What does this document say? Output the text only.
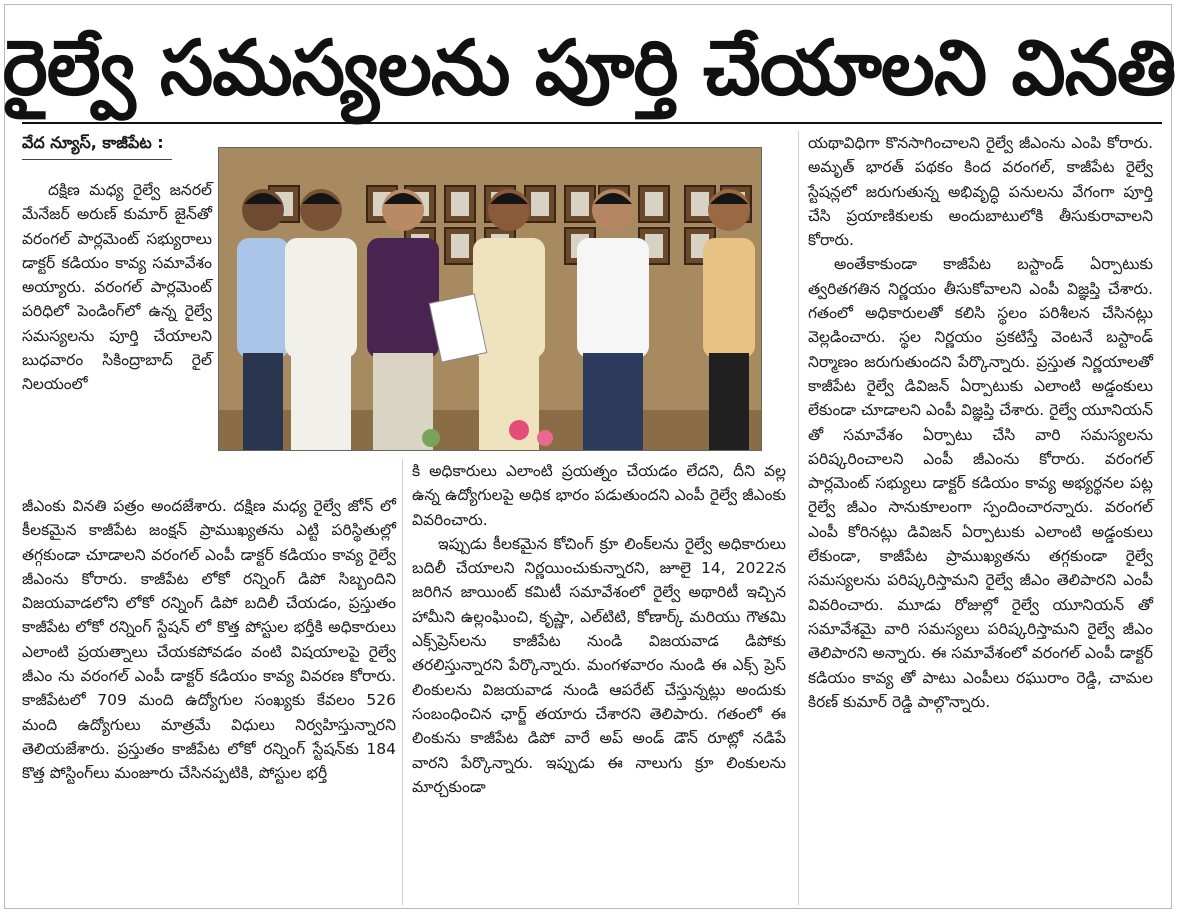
రైల్వే సమస్యలను పూర్తి చేయాలని వినతి
వేద న్యూస్, కాజీపేట :

దక్షిణ మధ్య రైల్వే జనరల్ మేనేజర్ అరుణ్ కుమార్ జైన్‌తో వరంగల్ పార్లమెంట్ సభ్యురాలు డాక్టర్ కడియం కావ్య సమావేశం అయ్యారు. వరంగల్ పార్లమెంట్ పరిధిలో పెండింగ్‌లో ఉన్న రైల్వే సమస్యలను పూర్తి చేయాలని బుధవారం సికింద్రాబాద్ రైల్ నిలయంలో

జీఎంకు వినతి పత్రం అందజేశారు. దక్షిణ మధ్య రైల్వే జోన్ లో కీలకమైన కాజీపేట జంక్షన్ ప్రాముఖ్యతను ఎట్టి పరిస్థితుల్లో తగ్గకుండా చూడాలని వరంగల్ ఎంపీ డాక్టర్ కడియం కావ్య రైల్వే జీఎంను కోరారు. కాజీపేట లోకో రన్నింగ్ డిపో సిబ్బందిని విజయవాడలోని లోకో రన్నింగ్ డిపో బదిలీ చేయడం, ప్రస్తుతం కాజీపేట లోకో రన్నింగ్ స్టేషన్ లో కొత్త పోస్టుల భర్తీకి అధికారులు ఎలాంటి ప్రయత్నాలు చేయకపోవడం వంటి విషయాలపై రైల్వే జీఎం ను వరంగల్ ఎంపీ డాక్టర్ కడియం కావ్య వివరణ కోరారు. కాజీపేటలో 709 మంది ఉద్యోగుల సంఖ్యకు కేవలం 526 మంది ఉద్యోగులు మాత్రమే విధులు నిర్వహిస్తున్నారని తెలియజేశారు. ప్రస్తుతం కాజీపేట లోకో రన్నింగ్ స్టేషన్‌కు 184 కొత్త పోస్టింగ్‌లు మంజూరు చేసినప్పటికి, పోస్టుల భర్తీ

కి అధికారులు ఎలాంటి ప్రయత్నం చేయడం లేదని, దీని వల్ల ఉన్న ఉద్యోగులపై అధిక భారం పడుతుందని ఎంపీ రైల్వే జీఎంకు వివరించారు.

ఇప్పుడు కీలకమైన కోచింగ్ క్రూ లింక్‌లను రైల్వే అధికారులు బదిలీ చేయాలని నిర్ణయించుకున్నారని, జూలై 14, 2022న జరిగిన జాయింట్ కమిటీ సమావేశంలో రైల్వే అథారిటీ ఇచ్చిన హామీని ఉల్లంఘించి, కృష్ణా, ఎల్‌టిటి, కోణార్క్ మరియు గౌతమి ఎక్స్‌ప్రెస్‌లను కాజీపేట నుండి విజయవాడ డిపోకు తరలిస్తున్నారని పేర్కొన్నారు. మంగళవారం నుండి ఈ ఎక్స్ ప్రెస్ లింకులను విజయవాడ నుండి ఆపరేట్ చేస్తున్నట్లు అందుకు సంబంధించిన ఛార్జ్ తయారు చేశారని తెలిపారు. గతంలో ఈ లింకును కాజీపేట డిపో వారే అప్ అండ్ డౌన్ రూట్లో నడిపే వారని పేర్కొన్నారు. ఇప్పుడు ఈ నాలుగు క్రూ లింకులను మార్చకుండా

యథావిధిగా కొనసాగించాలని రైల్వే జీఎంను ఎంపి కోరారు. అమృత్ భారత్ పథకం కింద వరంగల్, కాజీపేట రైల్వే స్టేషన్లలో జరుగుతున్న అభివృద్ధి పనులను వేగంగా పూర్తి చేసి ప్రయాణికులకు అందుబాటులోకి తీసుకురావాలని కోరారు.

అంతేకాకుండా కాజీపేట బస్టాండ్ ఏర్పాటుకు త్వరితగతిన నిర్ణయం తీసుకోవాలని ఎంపీ విజ్ఞప్తి చేశారు. గతంలో అధికారులతో కలిసి స్థలం పరిశీలన చేసినట్లు వెల్లడించారు. స్థల నిర్ణయం ప్రకటిస్తే వెంటనే బస్టాండ్ నిర్మాణం జరుగుతుందని పేర్కొన్నారు. ప్రస్తుత నిర్ణయాలతో కాజీపేట రైల్వే డివిజన్ ఏర్పాటుకు ఎలాంటి అడ్డంకులు లేకుండా చూడాలని ఎంపీ విజ్ఞప్తి చేశారు. రైల్వే యూనియన్ తో సమావేశం ఏర్పాటు చేసి వారి సమస్యలను పరిష్కరించాలని ఎంపీ జీఎంను కోరారు. వరంగల్ పార్లమెంట్ సభ్యులు డాక్టర్ కడియం కావ్య అభ్యర్థనల పట్ల రైల్వే జీఎం సానుకూలంగా స్పందించారన్నారు. వరంగల్ ఎంపీ కోరినట్లు డివిజన్ ఏర్పాటుకు ఎలాంటి అడ్డంకులు లేకుండా, కాజీపేట ప్రాముఖ్యతను తగ్గకుండా రైల్వే సమస్యలను పరిష్కరిస్తామని రైల్వే జీఎం తెలిపారని ఎంపీ వివరించారు. మూడు రోజుల్లో రైల్వే యూనియన్ తో సమావేశమై వారి సమస్యలు పరిష్కరిస్తామని రైల్వే జీఎం తెలిపారని అన్నారు. ఈ సమావేశంలో వరంగల్ ఎంపీ డాక్టర్ కడియం కావ్య తో పాటు ఎంపీలు రఘురాం రెడ్డి, చామల కిరణ్ కుమార్ రెడ్డి పాల్గొన్నారు.
